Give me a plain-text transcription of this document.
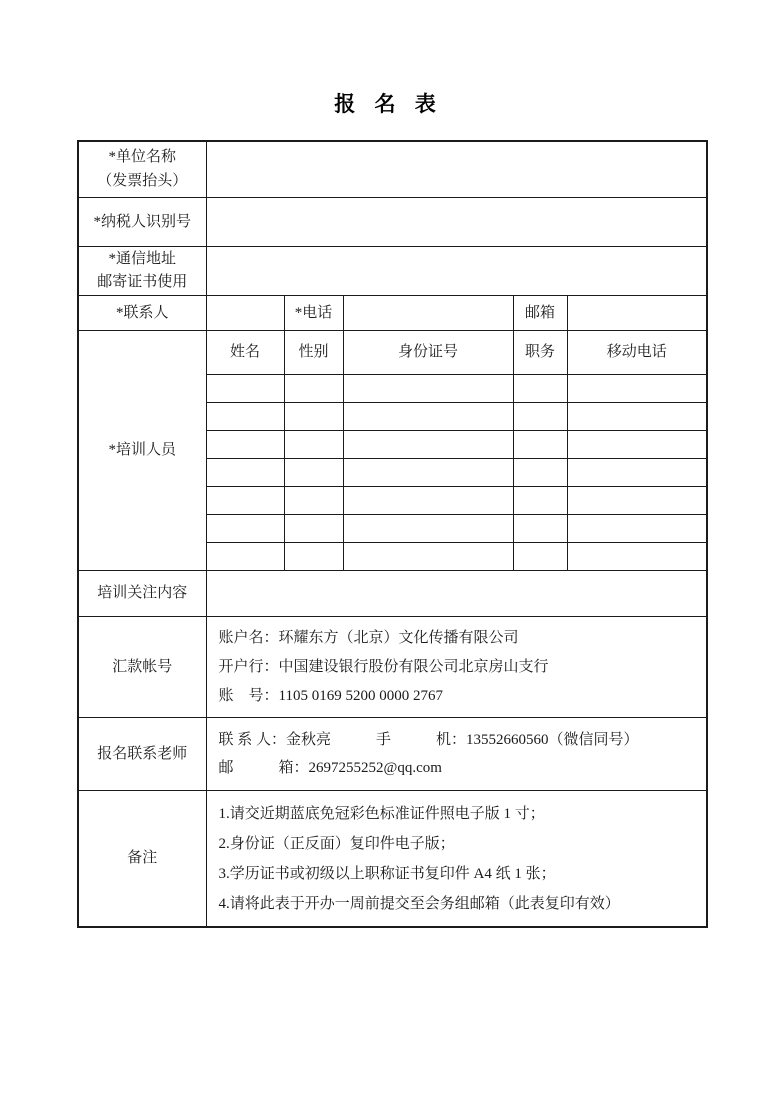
报 名 表
*单位名称
（发票抬头）					

*纳税人识别号					

*通信地址
邮寄证书使用					

*联系人		*电话		邮箱	
*培训人员	姓名	性别	身份证号	职务	移动电话

培训关注内容					
汇款帐号	账户名：环耀东方（北京）文化传播有限公司
开户行：中国建设银行股份有限公司北京房山支行
账　号：1105 0169 5200 0000 2767				

报名联系老师	联 系 人：金秋亮　　　手　　　机：13552660560（微信同号）
邮　　　箱：2697255252@qq.com				

备注	1.请交近期蓝底免冠彩色标准证件照电子版 1 寸；
2.身份证（正反面）复印件电子版；
3.学历证书或初级以上职称证书复印件 A4 纸 1 张；
4.请将此表于开办一周前提交至会务组邮箱（此表复印有效）				
